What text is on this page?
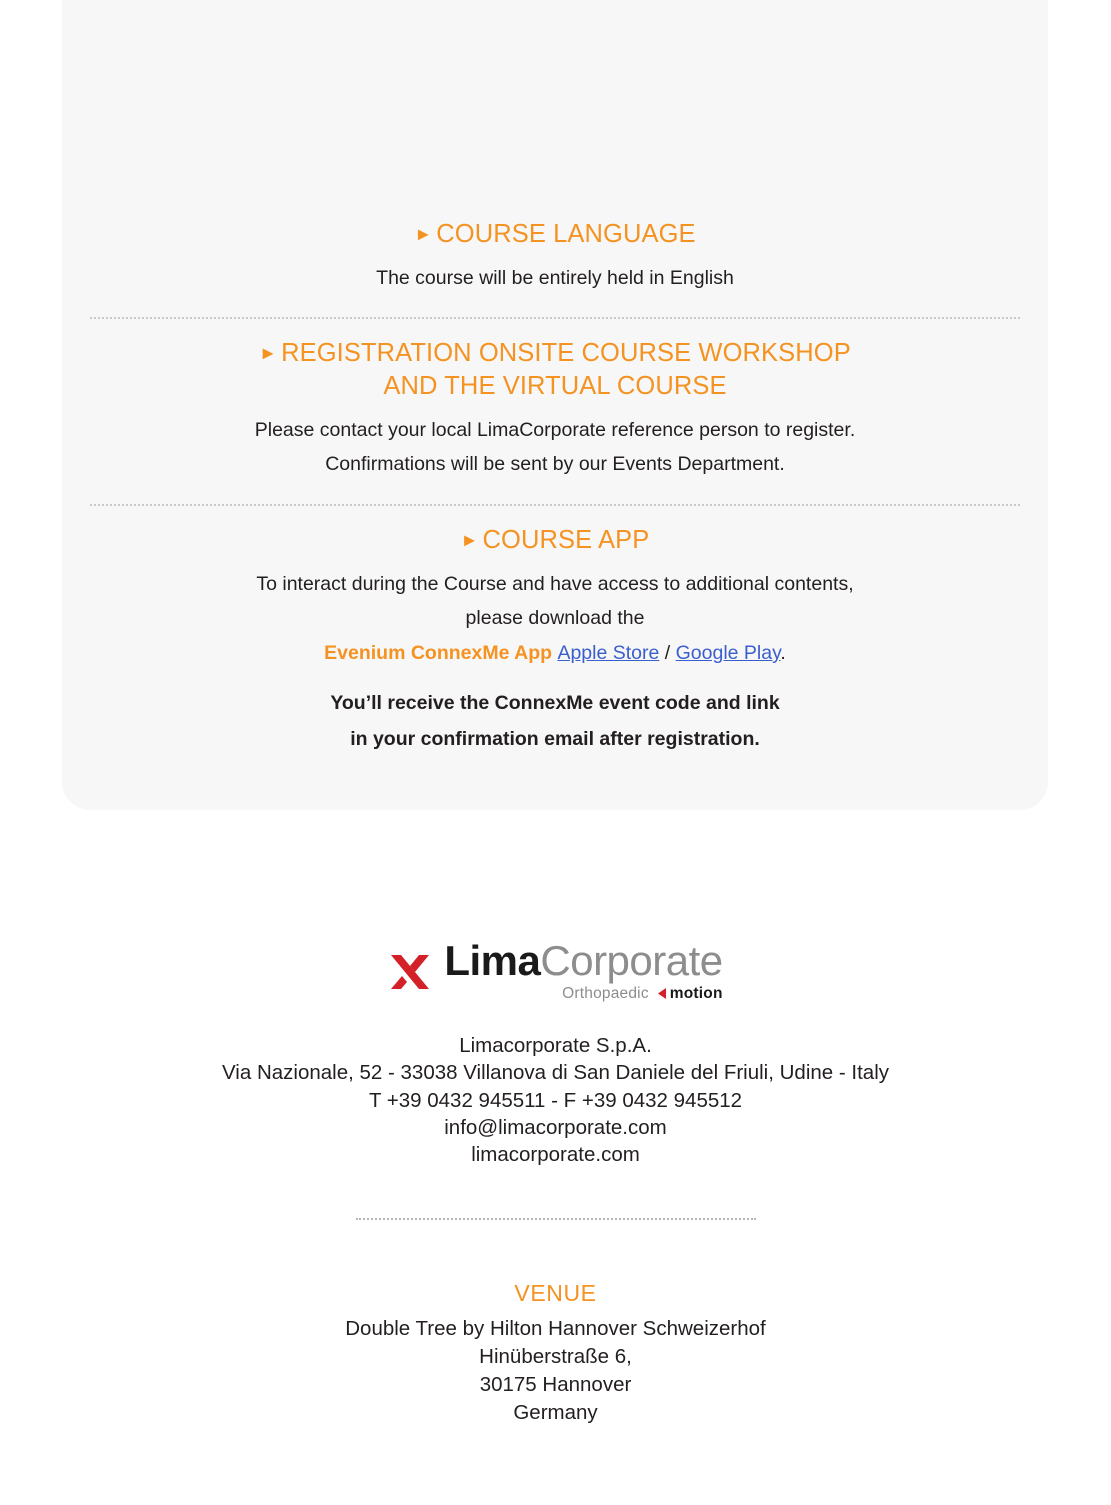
► COURSE LANGUAGE

The course will be entirely held in English

► REGISTRATION ONSITE COURSE WORKSHOP
AND THE VIRTUAL COURSE

Please contact your local LimaCorporate reference person to register.
Confirmations will be sent by our Events Department.

► COURSE APP

To interact during the Course and have access to additional contents,
please download the
Evenium ConnexMe App Apple Store / Google Play.

You’ll receive the ConnexMe event code and link
in your confirmation email after registration.

LimaCorporate
Orthopaedic motion
Limacorporate S.p.A.
Via Nazionale, 52 - 33038 Villanova di San Daniele del Friuli, Udine - Italy
T +39 0432 945511 - F +39 0432 945512
info@limacorporate.com
limacorporate.com
VENUE
Double Tree by Hilton Hannover Schweizerhof
Hinüberstraße 6,
30175 Hannover
Germany
